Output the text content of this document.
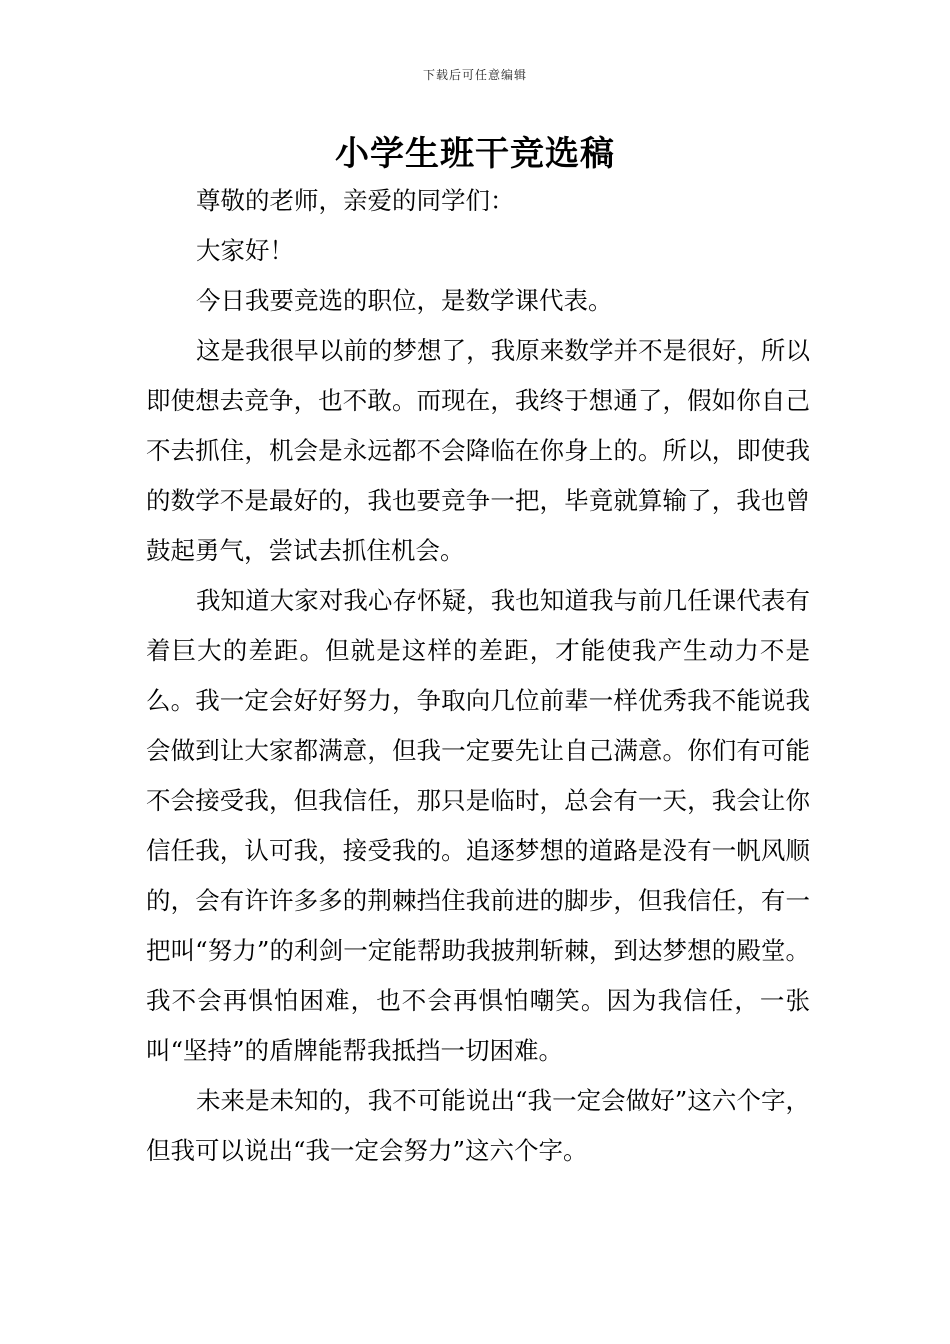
下载后可任意编辑
小学生班干竞选稿

尊敬的老师，亲爱的同学们：

大家好！

今日我要竞选的职位，是数学课代表。

这是我很早以前的梦想了，我原来数学并不是很好，所以即使想去竞争，也不敢。而现在，我终于想通了，假如你自己不去抓住，机会是永远都不会降临在你身上的。所以，即使我的数学不是最好的，我也要竞争一把，毕竟就算输了，我也曾鼓起勇气，尝试去抓住机会。

我知道大家对我心存怀疑，我也知道我与前几任课代表有着巨大的差距。但就是这样的差距，才能使我产生动力不是么。我一定会好好努力，争取向几位前辈一样优秀我不能说我会做到让大家都满意，但我一定要先让自己满意。你们有可能不会接受我，但我信任，那只是临时，总会有一天，我会让你信任我，认可我，接受我的。追逐梦想的道路是没有一帆风顺的，会有许许多多的荆棘挡住我前进的脚步，但我信任，有一把叫“努力”的利剑一定能帮助我披荆斩棘，到达梦想的殿堂。我不会再惧怕困难，也不会再惧怕嘲笑。因为我信任，一张叫“坚持”的盾牌能帮我抵挡一切困难。

未来是未知的，我不可能说出“我一定会做好”这六个字，但我可以说出“我一定会努力”这六个字。
